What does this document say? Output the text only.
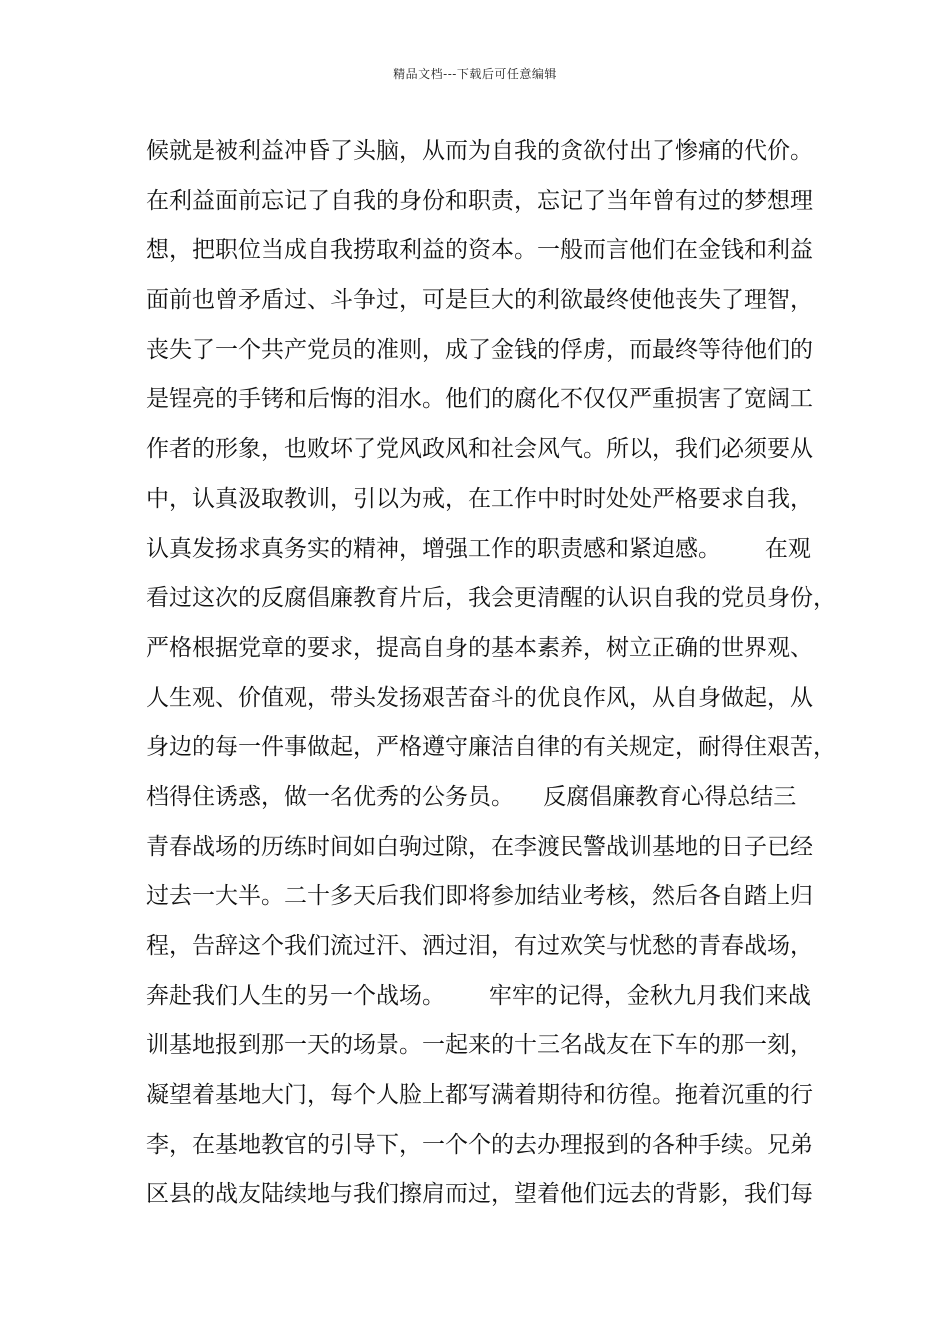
精品文档---下载后可任意编辑
候就是被利益冲昏了头脑，从而为自我的贪欲付出了惨痛的代价。
在利益面前忘记了自我的身份和职责，忘记了当年曾有过的梦想理
想，把职位当成自我捞取利益的资本。一般而言他们在金钱和利益
面前也曾矛盾过、斗争过，可是巨大的利欲最终使他丧失了理智，
丧失了一个共产党员的准则，成了金钱的俘虏，而最终等待他们的
是锃亮的手铐和后悔的泪水。他们的腐化不仅仅严重损害了宽阔工
作者的形象，也败坏了党风政风和社会风气。所以，我们必须要从
中，认真汲取教训，引以为戒，在工作中时时处处严格要求自我，
认真发扬求真务实的精神，增强工作的职责感和紧迫感。      在观
看过这次的反腐倡廉教育片后，我会更清醒的认识自我的党员身份，
严格根据党章的要求，提高自身的基本素养，树立正确的世界观、
人生观、价值观，带头发扬艰苦奋斗的优良作风，从自身做起，从
身边的每一件事做起，严格遵守廉洁自律的有关规定，耐得住艰苦，
档得住诱惑，做一名优秀的公务员。    反腐倡廉教育心得总结三
青春战场的历练时间如白驹过隙，在李渡民警战训基地的日子已经
过去一大半。二十多天后我们即将参加结业考核，然后各自踏上归
程，告辞这个我们流过汗、洒过泪，有过欢笑与忧愁的青春战场，
奔赴我们人生的另一个战场。      牢牢的记得，金秋九月我们来战
训基地报到那一天的场景。一起来的十三名战友在下车的那一刻，
凝望着基地大门，每个人脸上都写满着期待和彷徨。拖着沉重的行
李，在基地教官的引导下，一个个的去办理报到的各种手续。兄弟
区县的战友陆续地与我们擦肩而过，望着他们远去的背影，我们每
